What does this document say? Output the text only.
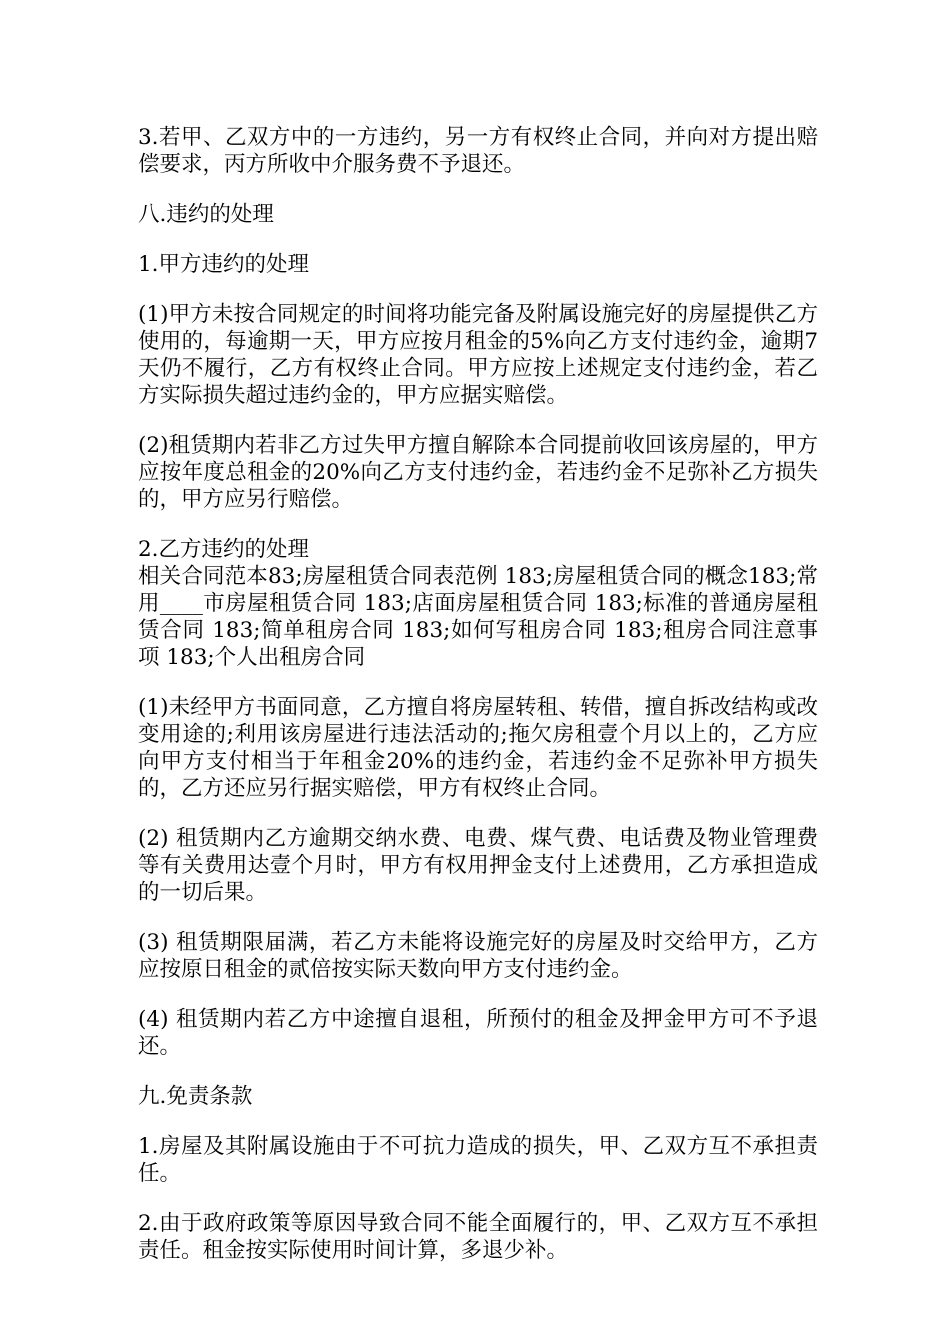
3.若甲、乙双方中的一方违约，另一方有权终止合同，并向对方提出赔偿要求，丙方所收中介服务费不予退还。

八.违约的处理

1.甲方违约的处理

(1)甲方未按合同规定的时间将功能完备及附属设施完好的房屋提供乙方使用的，每逾期一天，甲方应按月租金的5%向乙方支付违约金，逾期7天仍不履行，乙方有权终止合同。甲方应按上述规定支付违约金，若乙方实际损失超过违约金的，甲方应据实赔偿。

(2)租赁期内若非乙方过失甲方擅自解除本合同提前收回该房屋的，甲方应按年度总租金的20%向乙方支付违约金，若违约金不足弥补乙方损失的，甲方应另行赔偿。

2.乙方违约的处理

相关合同范本83;房屋租赁合同表范例 183;房屋租赁合同的概念183;常用____市房屋租赁合同 183;店面房屋租赁合同 183;标准的普通房屋租赁合同 183;简单租房合同 183;如何写租房合同 183;租房合同注意事项 183;个人出租房合同

(1)未经甲方书面同意，乙方擅自将房屋转租、转借，擅自拆改结构或改变用途的;利用该房屋进行违法活动的;拖欠房租壹个月以上的，乙方应向甲方支付相当于年租金20%的违约金，若违约金不足弥补甲方损失的，乙方还应另行据实赔偿，甲方有权终止合同。

(2) 租赁期内乙方逾期交纳水费、电费、煤气费、电话费及物业管理费等有关费用达壹个月时，甲方有权用押金支付上述费用，乙方承担造成的一切后果。

(3) 租赁期限届满，若乙方未能将设施完好的房屋及时交给甲方，乙方应按原日租金的贰倍按实际天数向甲方支付违约金。

(4) 租赁期内若乙方中途擅自退租，所预付的租金及押金甲方可不予退还。

九.免责条款

1.房屋及其附属设施由于不可抗力造成的损失，甲、乙双方互不承担责任。

2.由于政府政策等原因导致合同不能全面履行的，甲、乙双方互不承担责任。租金按实际使用时间计算，多退少补。
